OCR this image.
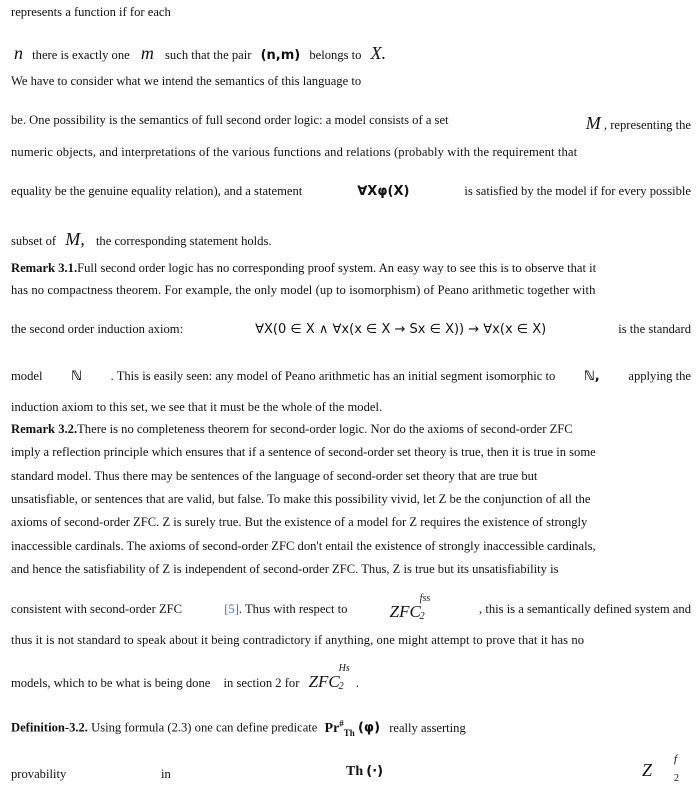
represents a function if for each
n there is exactly one m such that the pair (n,m) belongs to X.
We have to consider what we intend the semantics of this language to
be. One possibility is the semantics of full second order logic: a model consists of a set	M , representing the
numeric objects, and interpretations of the various functions and relations (probably with the requirement that
equality be the genuine equality relation), and a statement	∀Xφ(X)	is satisfied by the model if for every possible
subset of M, the corresponding statement holds.
Remark 3.1.Full second order logic has no corresponding proof system. An easy way to see this is to observe that it
has no compactness theorem. For example, the only model (up to isomorphism) of Peano arithmetic together with
the second order induction axiom:	∀X(0 ∈ X ∧ ∀x(x ∈ X → Sx ∈ X)) → ∀x(x ∈ X)	is the standard
model ℕ . This is easily seen: any model of Peano arithmetic has an initial segment isomorphic to ℕ, applying the
induction axiom to this set, we see that it must be the whole of the model.
Remark 3.2.There is no completeness theorem for second-order logic. Nor do the axioms of second-order ZFC
imply a reflection principle which ensures that if a sentence of second-order set theory is true, then it is true in some
standard model. Thus there may be sentences of the language of second-order set theory that are true but
unsatisfiable, or sentences that are valid, but false. To make this possibility vivid, let Z be the conjunction of all the
axioms of second-order ZFC. Z is surely true. But the existence of a model for Z requires the existence of strongly
inaccessible cardinals. The axioms of second-order ZFC don't entail the existence of strongly inaccessible cardinals,
and hence the satisfiability of Z is independent of second-order ZFC. Thus, Z is true but its unsatisfiability is
consistent with second-order ZFC	[5]. Thus with respect to ZFC
fss
2
, this is a semantically defined system and
thus it is not standard to speak about it being contradictory if anything, one might attempt to prove that it has no
models, which to be what is being done in section 2 for ZFC
Hs
2 .
Definition-3.2. Using formula (2.3) one can define predicate $Pr^{\#}_{Th}$ (φ) really asserting
provability	in	Th (·)	Z
f
2
